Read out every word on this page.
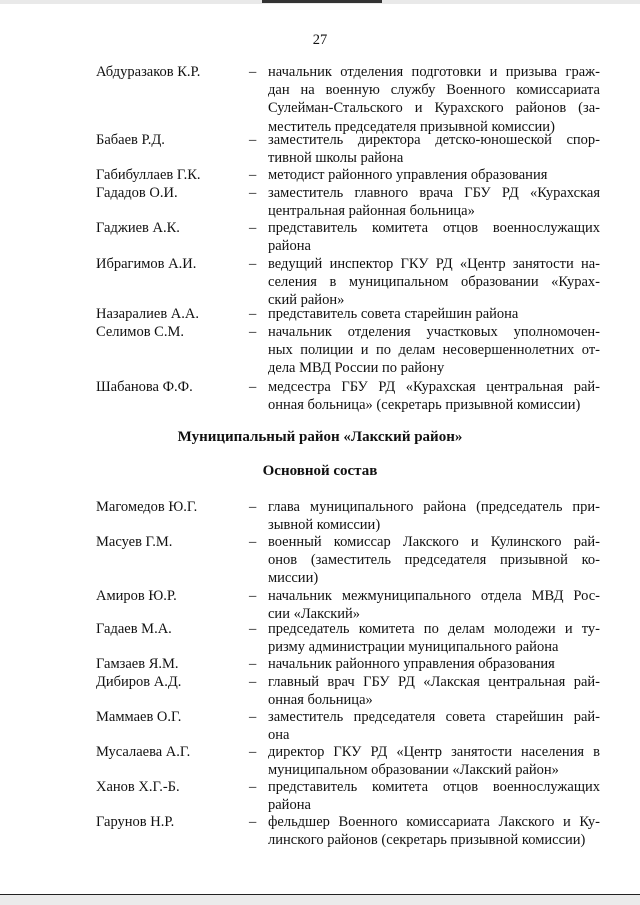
27
Абдуразаков К.Р.	– начальник отделения подготовки и призыва граж-
дан на военную службу Военного комиссариата
Сулейман-Стальского и Курахского районов (за-
меститель председателя призывной комиссии)
Бабаев Р.Д.	– заместитель директора детско-юношеской спор-
тивной школы района
Габибуллаев Г.К.	– методист районного управления образования
Гададов О.И.	– заместитель главного врача ГБУ РД «Курахская
центральная районная больница»
Гаджиев А.К.	– представитель комитета отцов военнослужащих
района
Ибрагимов А.И.	– ведущий инспектор ГКУ РД «Центр занятости на-
селения в муниципальном образовании «Курах-
ский район»
Назаралиев А.А.	– представитель совета старейшин района
Селимов С.М.	– начальник отделения участковых уполномочен-
ных полиции и по делам несовершеннолетних от-
дела МВД России по району
Шабанова Ф.Ф.	– медсестра ГБУ РД «Курахская центральная рай-
онная больница» (секретарь призывной комиссии)
Муниципальный район «Лакский район»
Основной состав
Магомедов Ю.Г.	– глава муниципального района (председатель при-
зывной комиссии)
Масуев Г.М.	– военный комиссар Лакского и Кулинского рай-
онов (заместитель председателя призывной ко-
миссии)
Амиров Ю.Р.	– начальник межмуниципального отдела МВД Рос-
сии «Лакский»
Гадаев М.А.	– председатель комитета по делам молодежи и ту-
ризму администрации муниципального района
Гамзаев Я.М.	– начальник районного управления образования
Дибиров А.Д.	– главный врач ГБУ РД «Лакская центральная рай-
онная больница»
Маммаев О.Г.	– заместитель председателя совета старейшин рай-
она
Мусалаева А.Г.	– директор ГКУ РД «Центр занятости населения в
муниципальном образовании «Лакский район»
Ханов Х.Г.-Б.	– представитель комитета отцов военнослужащих
района
Гарунов Н.Р.	– фельдшер Военного комиссариата Лакского и Ку-
линского районов (секретарь призывной комиссии)
